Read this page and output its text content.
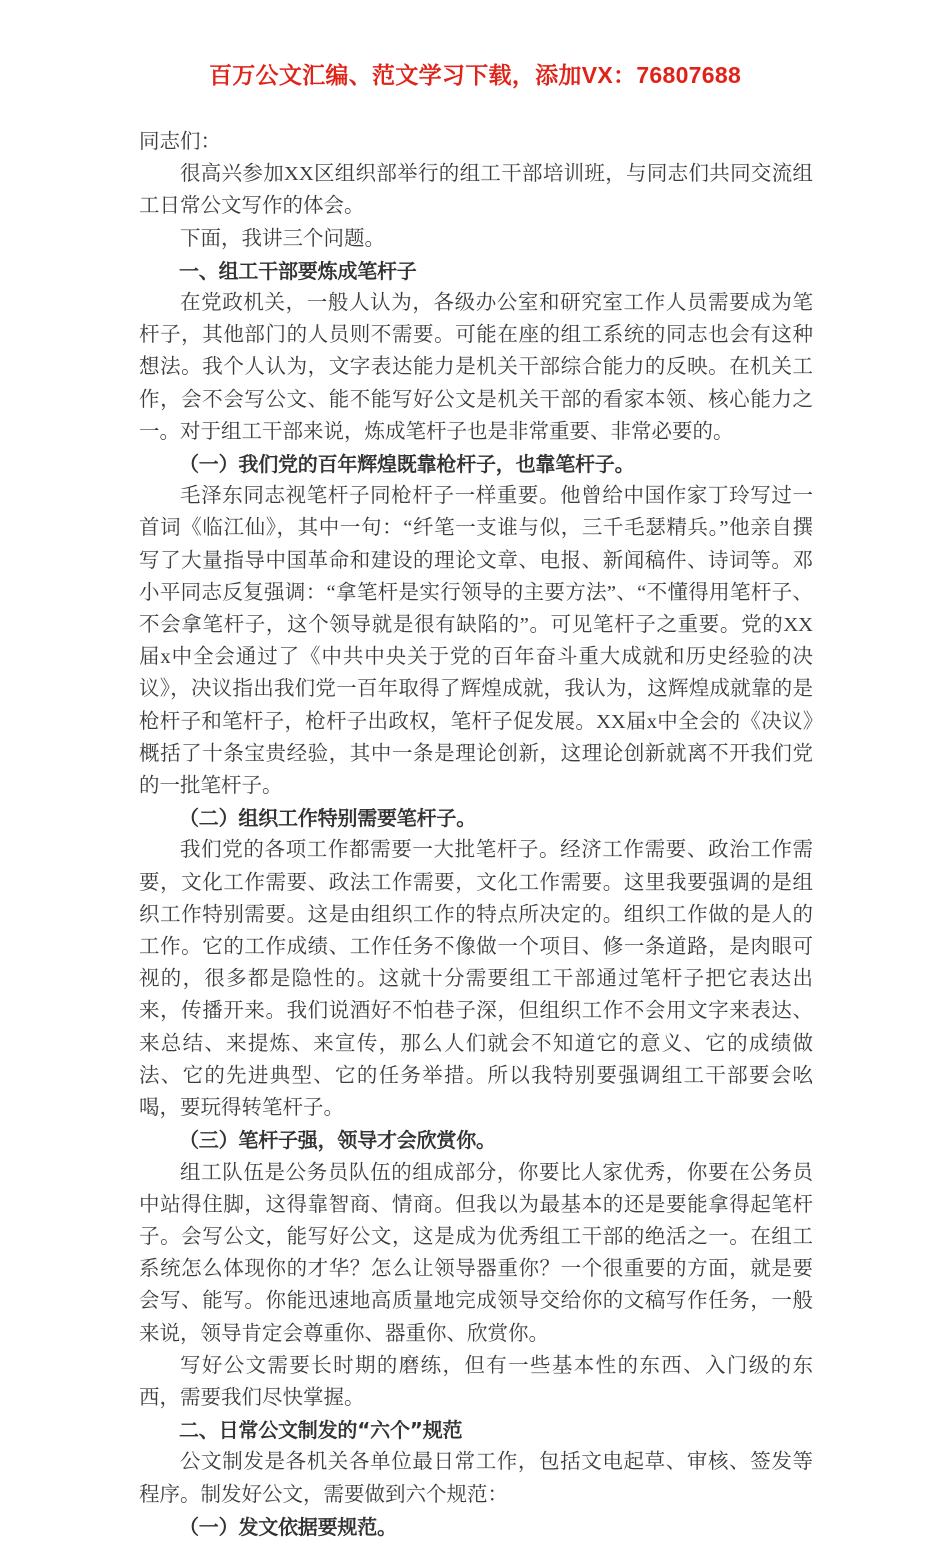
百万公文汇编、范文学习下载，添加VX：76807688

同志们：

很高兴参加XX区组织部举行的组工干部培训班，与同志们共同交流组工日常公文写作的体会。

下面，我讲三个问题。

一、组工干部要炼成笔杆子

在党政机关，一般人认为，各级办公室和研究室工作人员需要成为笔杆子，其他部门的人员则不需要。可能在座的组工系统的同志也会有这种想法。我个人认为，文字表达能力是机关干部综合能力的反映。在机关工作，会不会写公文、能不能写好公文是机关干部的看家本领、核心能力之一。对于组工干部来说，炼成笔杆子也是非常重要、非常必要的。

（一）我们党的百年辉煌既靠枪杆子，也靠笔杆子。

毛泽东同志视笔杆子同枪杆子一样重要。他曾给中国作家丁玲写过一首词《临江仙》，其中一句：“纤笔一支谁与似，三千毛瑟精兵。”他亲自撰写了大量指导中国革命和建设的理论文章、电报、新闻稿件、诗词等。邓小平同志反复强调：“拿笔杆是实行领导的主要方法”、“不懂得用笔杆子、不会拿笔杆子，这个领导就是很有缺陷的”。可见笔杆子之重要。党的XX届x中全会通过了《中共中央关于党的百年奋斗重大成就和历史经验的决议》，决议指出我们党一百年取得了辉煌成就，我认为，这辉煌成就靠的是枪杆子和笔杆子，枪杆子出政权，笔杆子促发展。XX届x中全会的《决议》概括了十条宝贵经验，其中一条是理论创新，这理论创新就离不开我们党的一批笔杆子。

（二）组织工作特别需要笔杆子。

我们党的各项工作都需要一大批笔杆子。经济工作需要、政治工作需要，文化工作需要、政法工作需要，文化工作需要。这里我要强调的是组织工作特别需要。这是由组织工作的特点所决定的。组织工作做的是人的工作。它的工作成绩、工作任务不像做一个项目、修一条道路，是肉眼可视的，很多都是隐性的。这就十分需要组工干部通过笔杆子把它表达出来，传播开来。我们说酒好不怕巷子深，但组织工作不会用文字来表达、来总结、来提炼、来宣传，那么人们就会不知道它的意义、它的成绩做法、它的先进典型、它的任务举措。所以我特别要强调组工干部要会吆喝，要玩得转笔杆子。

（三）笔杆子强，领导才会欣赏你。

组工队伍是公务员队伍的组成部分，你要比人家优秀，你要在公务员中站得住脚，这得靠智商、情商。但我以为最基本的还是要能拿得起笔杆子。会写公文，能写好公文，这是成为优秀组工干部的绝活之一。在组工系统怎么体现你的才华？怎么让领导器重你？一个很重要的方面，就是要会写、能写。你能迅速地高质量地完成领导交给你的文稿写作任务，一般来说，领导肯定会尊重你、器重你、欣赏你。

写好公文需要长时期的磨练，但有一些基本性的东西、入门级的东西，需要我们尽快掌握。

二、日常公文制发的“六个”规范

公文制发是各机关各单位最日常工作，包括文电起草、审核、签发等程序。制发好公文，需要做到六个规范：

（一）发文依据要规范。
